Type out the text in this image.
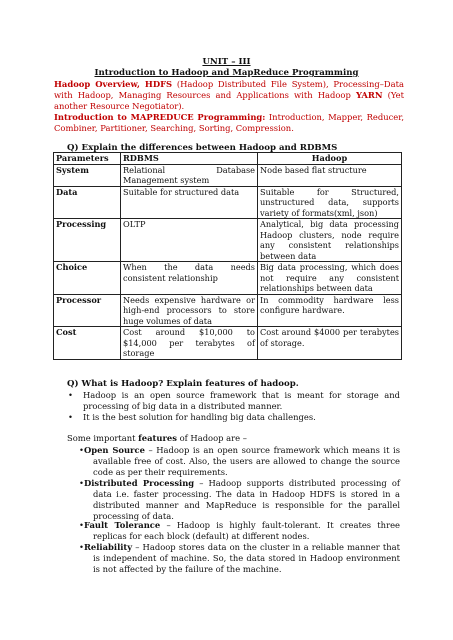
UNIT – III
Introduction to Hadoop and MapReduce Programming
Hadoop Overview, HDFS (Hadoop Distributed File System), Processing–Data with Hadoop, Managing Resources and Applications with Hadoop YARN (Yet another Resource Negotiator).
Introduction to MAPREDUCE Programming: Introduction, Mapper, Reducer, Combiner, Partitioner, Searching, Sorting, Compression.
Q) Explain the differences between Hadoop and RDBMS
Parameters	RDBMS	Hadoop
System	Relational Database Management system	Node based flat structure
Data	Suitable for structured data	Suitable for Structured, unstructured data, supports variety of formats(xml, json)
Processing	OLTP	Analytical, big data processing Hadoop clusters, node require any consistent relationships between data
Choice	When the data needs consistent relationship	Big data processing, which does not require any consistent relationships between data
Processor	Needs expensive hardware or high-end processors to store huge volumes of data	In commodity hardware less configure hardware.
Cost	Cost around $10,000 to $14,000 per terabytes of storage	Cost around $4000 per terabytes of storage.
Q) What is Hadoop? Explain features of hadoop.
• Hadoop is an open source framework that is meant for storage and processing of big data in a distributed manner.
• It is the best solution for handling big data challenges.
Some important features of Hadoop are –
•Open Source – Hadoop is an open source framework which means it is available free of cost. Also, the users are allowed to change the source code as per their requirements.
•Distributed Processing – Hadoop supports distributed processing of data i.e. faster processing. The data in Hadoop HDFS is stored in a distributed manner and MapReduce is responsible for the parallel processing of data.
•Fault Tolerance – Hadoop is highly fault-tolerant. It creates three replicas for each block (default) at different nodes.
•Reliability – Hadoop stores data on the cluster in a reliable manner that is independent of machine. So, the data stored in Hadoop environment is not affected by the failure of the machine.
